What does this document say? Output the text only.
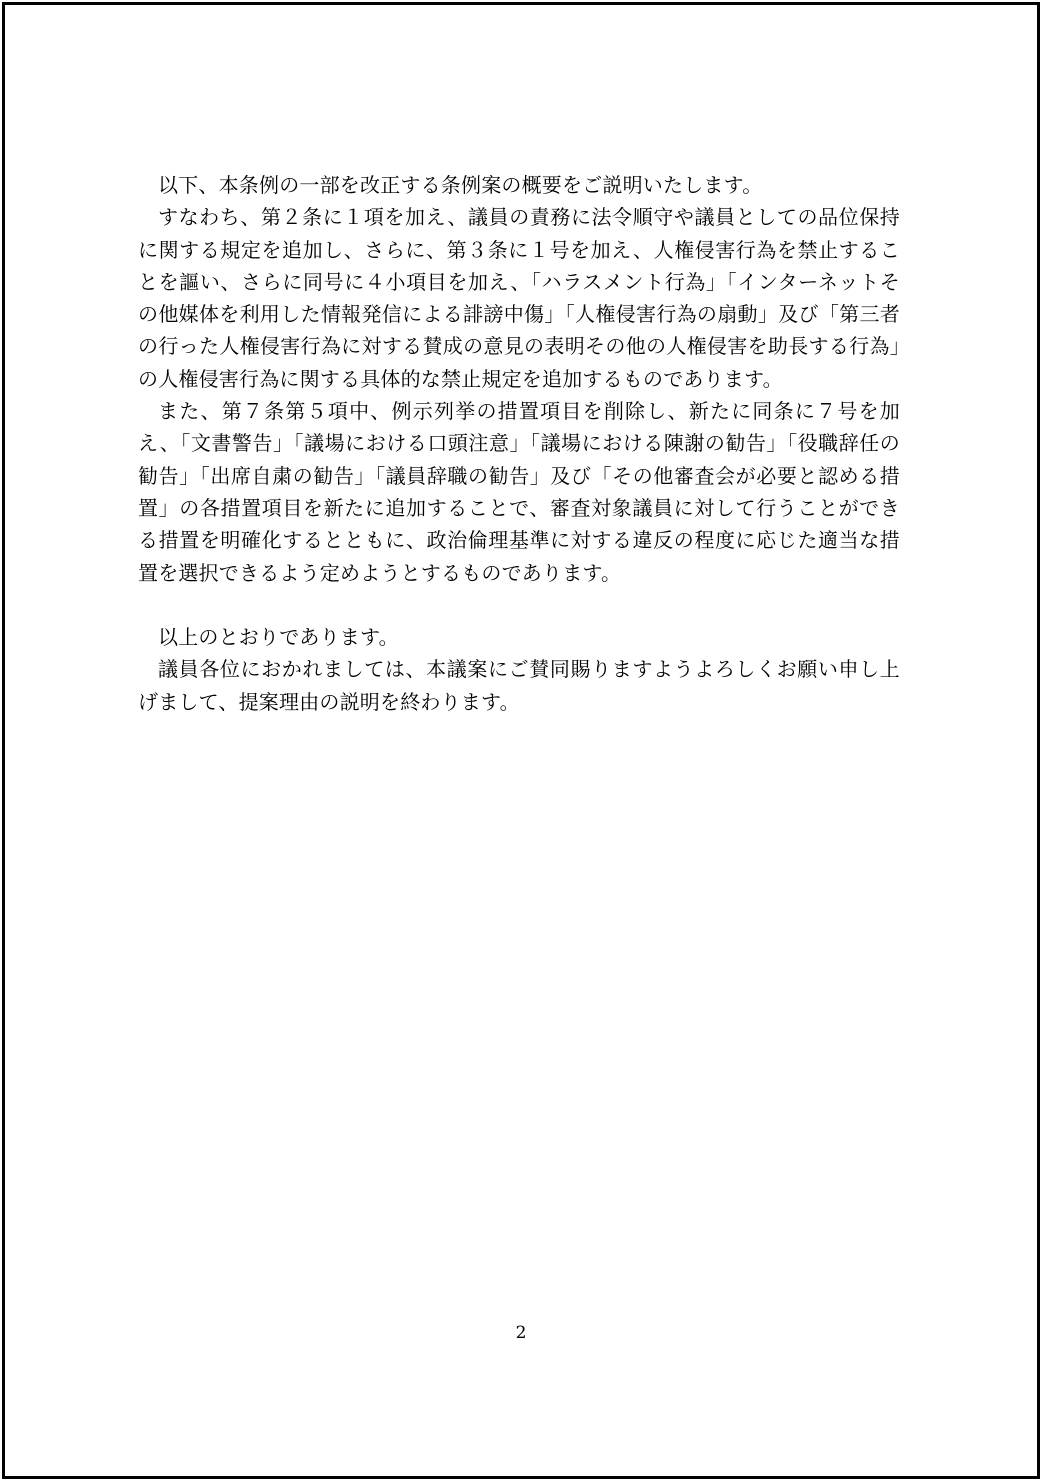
以下、本条例の一部を改正する条例案の概要をご説明いたします。

すなわち、第２条に１項を加え、議員の責務に法令順守や議員としての品位保持に関する規定を追加し、さらに、第３条に１号を加え、人権侵害行為を禁止することを謳い、さらに同号に４小項目を加え、「ハラスメント行為」「インターネットその他媒体を利用した情報発信による誹謗中傷」「人権侵害行為の扇動」及び「第三者の行った人権侵害行為に対する賛成の意見の表明その他の人権侵害を助長する行為」の人権侵害行為に関する具体的な禁止規定を追加するものであります。

また、第７条第５項中、例示列挙の措置項目を削除し、新たに同条に７号を加え、「文書警告」「議場における口頭注意」「議場における陳謝の勧告」「役職辞任の勧告」「出席自粛の勧告」「議員辞職の勧告」及び「その他審査会が必要と認める措置」の各措置項目を新たに追加することで、審査対象議員に対して行うことができる措置を明確化するとともに、政治倫理基準に対する違反の程度に応じた適当な措置を選択できるよう定めようとするものであります。

以上のとおりであります。

議員各位におかれましては、本議案にご賛同賜りますようよろしくお願い申し上げまして、提案理由の説明を終わります。

2
